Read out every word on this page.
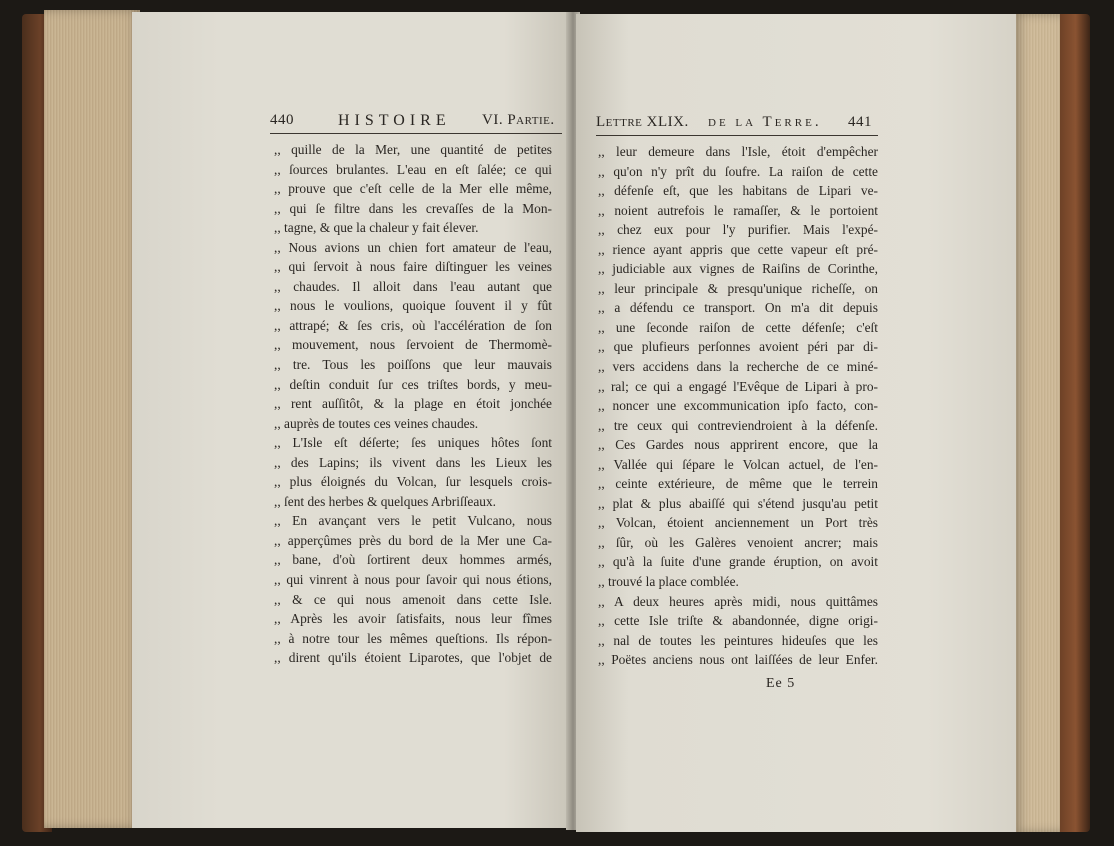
440	HISTOIRE VI. Partie.
,, quille de la Mer, une quantité de petites
,, ſources brulantes. L'eau en eſt ſalée; ce qui
,, prouve que c'eſt celle de la Mer elle même,
,, qui ſe filtre dans les crevaſſes de la Mon-
,, tagne, & que la chaleur y fait élever.
,, Nous avions un chien fort amateur de l'eau,
,, qui ſervoit à nous faire diſtinguer les veines
,, chaudes. Il alloit dans l'eau autant que
,, nous le voulions, quoique ſouvent il y fût
,, attrapé; & ſes cris, où l'accélération de ſon
,, mouvement, nous ſervoient de Thermomè-
,, tre. Tous les poiſſons que leur mauvais
,, deſtin conduit ſur ces triſtes bords, y meu-
,, rent auſſitôt, & la plage en étoit jonchée
,, auprès de toutes ces veines chaudes.
,, L'Isle eſt déſerte; ſes uniques hôtes ſont
,, des Lapins; ils vivent dans les Lieux les
,, plus éloignés du Volcan, ſur lesquels crois-
,, ſent des herbes & quelques Arbriſſeaux.
,, En avançant vers le petit Vulcano, nous
,, apperçûmes près du bord de la Mer une Ca-
,, bane, d'où ſortirent deux hommes armés,
,, qui vinrent à nous pour ſavoir qui nous étions,
,, & ce qui nous amenoit dans cette Isle.
,, Après les avoir ſatisfaits, nous leur fîmes
,, à notre tour les mêmes queſtions. Ils répon-
,, dirent qu'ils étoient Liparotes, que l'objet de
Lettre XLIX. de la Terre. 441
,, leur demeure dans l'Isle, étoit d'empêcher
,, qu'on n'y prît du ſoufre. La raiſon de cette
,, défenſe eſt, que les habitans de Lipari ve-
,, noient autrefois le ramaſſer, & le portoient
,, chez eux pour l'y purifier. Mais l'expé-
,, rience ayant appris que cette vapeur eſt pré-
,, judiciable aux vignes de Raiſins de Corinthe,
,, leur principale & presqu'unique richeſſe, on
,, a défendu ce transport. On m'a dit depuis
,, une ſeconde raiſon de cette défenſe; c'eſt
,, que plufieurs perſonnes avoient péri par di-
,, vers accidens dans la recherche de ce miné-
,, ral; ce qui a engagé l'Evêque de Lipari à pro-
,, noncer une excommunication ipſo facto, con-
,, tre ceux qui contreviendroient à la défenſe.
,, Ces Gardes nous apprirent encore, que la
,, Vallée qui ſépare le Volcan actuel, de l'en-
,, ceinte extérieure, de même que le terrein
,, plat & plus abaiſſé qui s'étend jusqu'au petit
,, Volcan, étoient anciennement un Port très
,, ſûr, où les Galères venoient ancrer; mais
,, qu'à la ſuite d'une grande éruption, on avoit
,, trouvé la place comblée.
,, A deux heures après midi, nous quittâmes
,, cette Isle triſte & abandonnée, digne origi-
,, nal de toutes les peintures hideuſes que les
,, Poëtes anciens nous ont laiſſées de leur Enfer.
Ee 5
